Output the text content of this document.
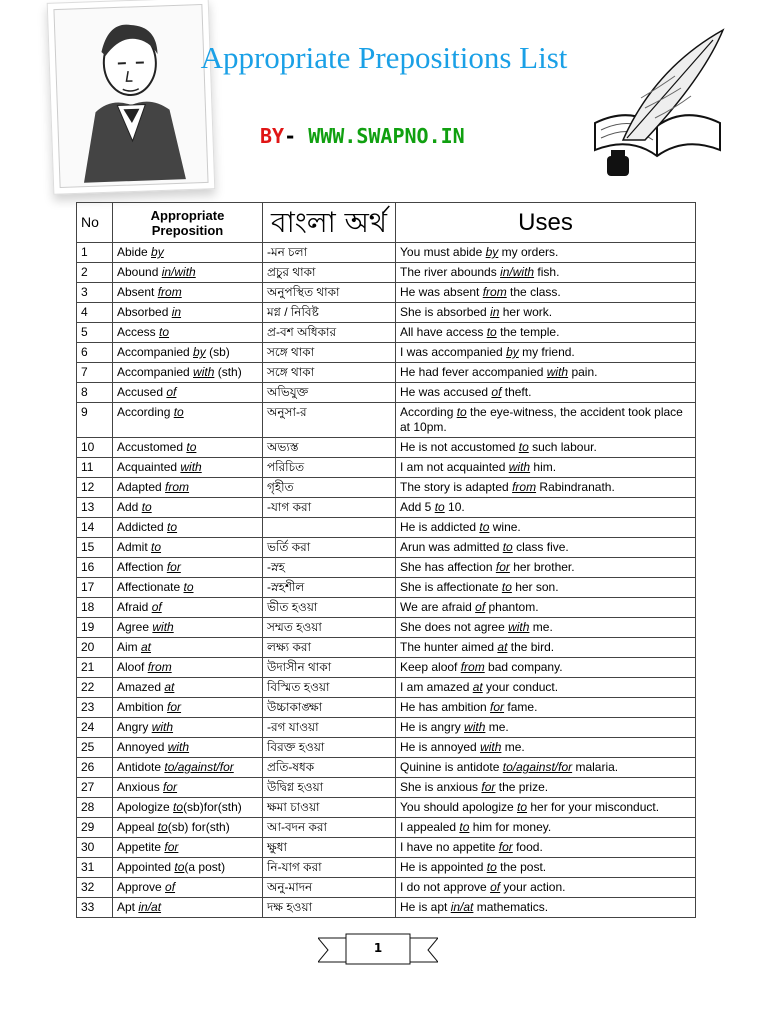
Appropriate Prepositions List
BY- WWW.SWAPNO.IN
No	Appropriate Preposition	বাংলা অর্থ	Uses
1	Abide by	-মন চলা	You must abide by my orders.
2	Abound in/with	প্রচুর থাকা	The river abounds in/with fish.
3	Absent from	অনুপস্থিত থাকা	He was absent from the class.
4	Absorbed in	মগ্ন / নিবিষ্ট	She is absorbed in her work.
5	Access to	প্র-বশ অধিকার	All have access to the temple.
6	Accompanied by (sb)	সঙ্গে থাকা	I was accompanied by my friend.
7	Accompanied with (sth)	সঙ্গে থাকা	He had fever accompanied with pain.
8	Accused of	অভিযুক্ত	He was accused of theft.
9	According to	অনুসা-র	According to the eye-witness, the accident took place at 10pm.
10	Accustomed to	অভ্যস্ত	He is not accustomed to such labour.
11	Acquainted with	পরিচিত	I am not acquainted with him.
12	Adapted from	গৃহীত	The story is adapted from Rabindranath.
13	Add to	-যাগ করা	Add 5 to 10.
14	Addicted to		He is addicted to wine.
15	Admit to	ভর্তি করা	Arun was admitted to class five.
16	Affection for	-স্নহ	She has affection for her brother.
17	Affectionate to	-স্নহশীল	She is affectionate to her son.
18	Afraid of	ভীত হওয়া	We are afraid of phantom.
19	Agree with	সম্মত হওয়া	She does not agree with me.
20	Aim at	লক্ষ্য করা	The hunter aimed at the bird.
21	Aloof from	উদাসীন থাকা	Keep aloof from bad company.
22	Amazed at	বিস্মিত হওয়া	I am amazed at your conduct.
23	Ambition for	উচ্চাকাঙ্ক্ষা	He has ambition for fame.
24	Angry with	-রগ যাওয়া	He is angry with me.
25	Annoyed with	বিরক্ত হওয়া	He is annoyed with me.
26	Antidote to/against/for	প্রতি-ষধক	Quinine is antidote to/against/for malaria.
27	Anxious for	উদ্বিগ্ন হওয়া	She is anxious for the prize.
28	Apologize to(sb)for(sth)	ক্ষমা চাওয়া	You should apologize to her for your misconduct.
29	Appeal to(sb) for(sth)	আ-বদন করা	I appealed to him for money.
30	Appetite for	ক্ষুধা	I have no appetite for food.
31	Appointed to(a post)	নি-যাগ করা	He is appointed to the post.
32	Approve of	অনু-মাদন	I do not approve of your action.
33	Apt in/at	দক্ষ হওয়া	He is apt in/at mathematics.
1
